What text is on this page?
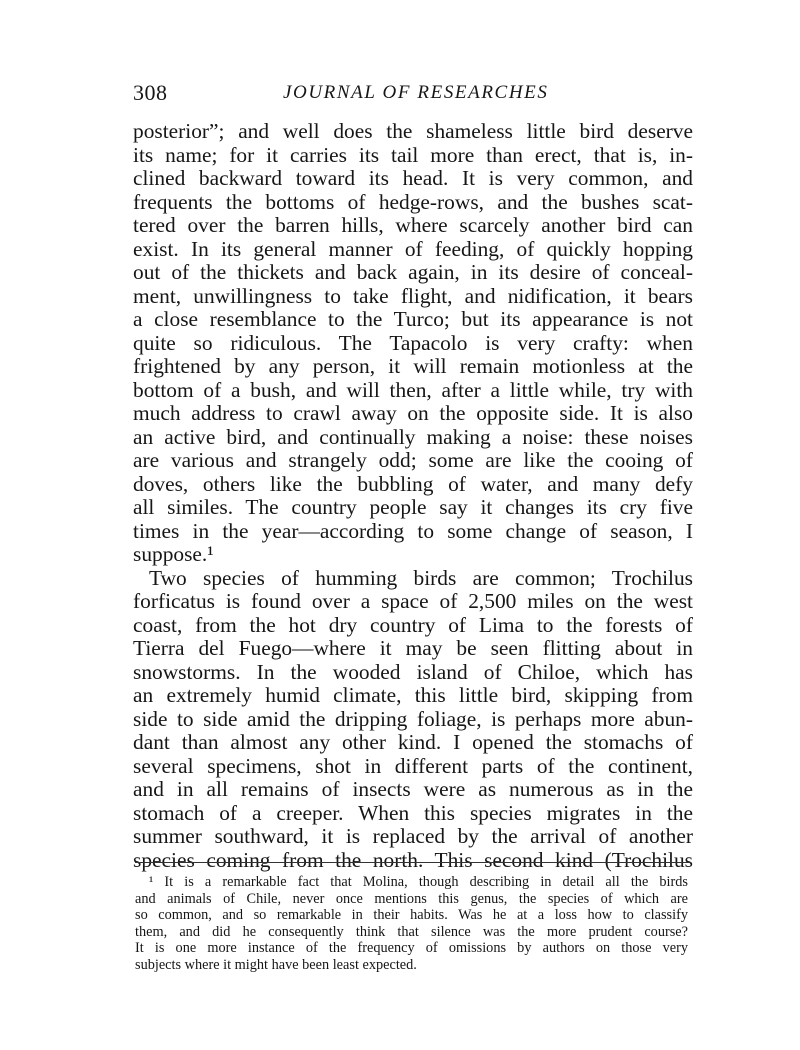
308	JOURNAL OF RESEARCHES
posterior”; and well does the shameless little bird deserve
its name; for it carries its tail more than erect, that is, in-
clined backward toward its head. It is very common, and
frequents the bottoms of hedge-rows, and the bushes scat-
tered over the barren hills, where scarcely another bird can
exist. In its general manner of feeding, of quickly hopping
out of the thickets and back again, in its desire of conceal-
ment, unwillingness to take flight, and nidification, it bears
a close resemblance to the Turco; but its appearance is not
quite so ridiculous. The Tapacolo is very crafty: when
frightened by any person, it will remain motionless at the
bottom of a bush, and will then, after a little while, try with
much address to crawl away on the opposite side. It is also
an active bird, and continually making a noise: these noises
are various and strangely odd; some are like the cooing of
doves, others like the bubbling of water, and many defy
all similes. The country people say it changes its cry five
times in the year—according to some change of season, I
suppose.¹
Two species of humming birds are common; Trochilus
forficatus is found over a space of 2,500 miles on the west
coast, from the hot dry country of Lima to the forests of
Tierra del Fuego—where it may be seen flitting about in
snowstorms. In the wooded island of Chiloe, which has
an extremely humid climate, this little bird, skipping from
side to side amid the dripping foliage, is perhaps more abun-
dant than almost any other kind. I opened the stomachs of
several specimens, shot in different parts of the continent,
and in all remains of insects were as numerous as in the
stomach of a creeper. When this species migrates in the
summer southward, it is replaced by the arrival of another
species coming from the north. This second kind (Trochilus
¹ It is a remarkable fact that Molina, though describing in detail all the birds
and animals of Chile, never once mentions this genus, the species of which are
so common, and so remarkable in their habits. Was he at a loss how to classify
them, and did he consequently think that silence was the more prudent course?
It is one more instance of the frequency of omissions by authors on those very
subjects where it might have been least expected.
